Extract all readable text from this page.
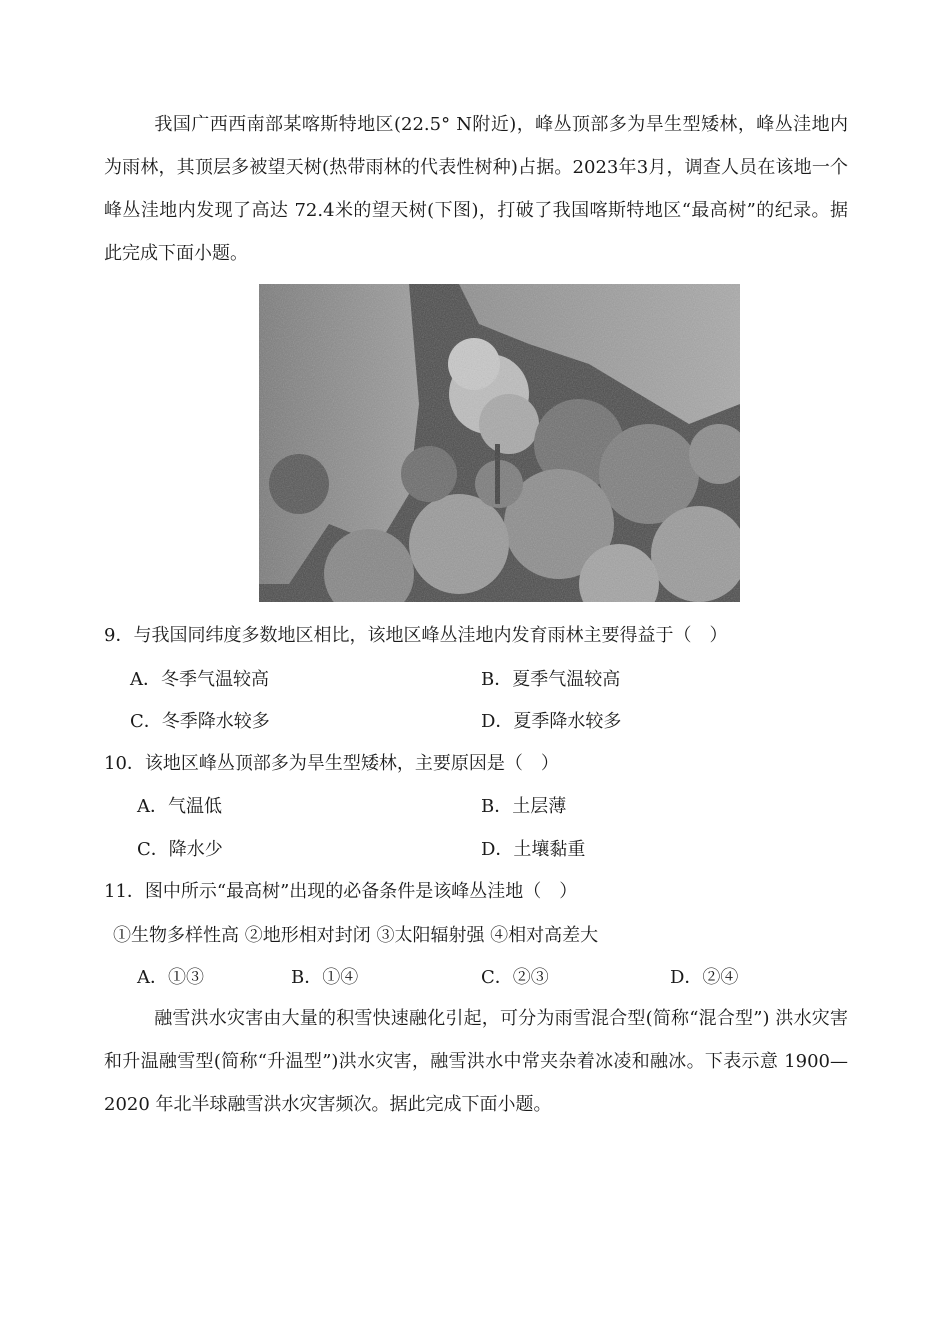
我国广西西南部某喀斯特地区(22.5° N附近)，峰丛顶部多为旱生型矮林，峰丛洼地内为雨林，其顶层多被望天树(热带雨林的代表性树种)占据。2023年3月，调查人员在该地一个峰丛洼地内发现了高达 72.4米的望天树(下图)，打破了我国喀斯特地区“最高树”的纪录。据此完成下面小题。

9．与我国同纬度多数地区相比，该地区峰丛洼地内发育雨林主要得益于（　）

A．冬季气温较高	B．夏季气温较高
C．冬季降水较多	D．夏季降水较多

10．该地区峰丛顶部多为旱生型矮林，主要原因是（　）

A．气温低	B．土层薄
C．降水少	D．土壤黏重

11．图中所示“最高树”出现的必备条件是该峰丛洼地（　）

①生物多样性高 ②地形相对封闭 ③太阳辐射强 ④相对高差大

A．①③	B．①④	C．②③	D．②④

融雪洪水灾害由大量的积雪快速融化引起，可分为雨雪混合型(简称“混合型”) 洪水灾害和升温融雪型(简称“升温型”)洪水灾害，融雪洪水中常夹杂着冰凌和融冰。下表示意 1900—2020 年北半球融雪洪水灾害频次。据此完成下面小题。
